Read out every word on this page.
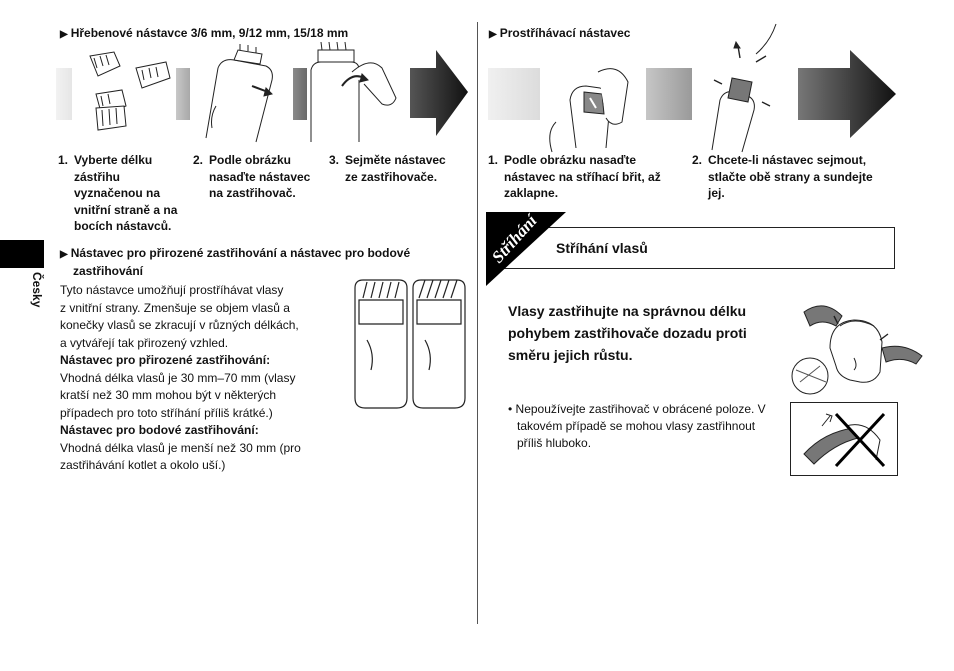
Česky
▶ Hřebenové nástavce 3/6 mm, 9/12 mm, 15/18 mm
1. Vyberte délku
zástřihu
vyznačenou na
vnitřní straně a na
bocích nástavců.
2. Podle obrázku
nasaďte nástavec
na zastřihovač.
3. Sejměte nástavec
ze zastřihovače.
▶ Nástavec pro přirozené zastřihování a nástavec pro bodové
zastřihování
Tyto nástavce umožňují prostříhávat vlasy
z vnitřní strany. Zmenšuje se objem vlasů a
konečky vlasů se zkracují v různých délkách,
a vytvářejí tak přirozený vzhled.
Nástavec pro přirozené zastřihování:
Vhodná délka vlasů je 30 mm–70 mm (vlasy
kratší než 30 mm mohou být v některých
případech pro toto stříhání příliš krátké.)
Nástavec pro bodové zastřihování:
Vhodná délka vlasů je menší než 30 mm (pro
zastřihávání kotlet a okolo uší.)
▶ Prostříhávací nástavec
1. Podle obrázku nasaďte
nástavec na stříhací břit, až
zaklapne.
2. Chcete-li nástavec sejmout,
stlačte obě strany a sundejte
jej.
Stříhání Stříhání vlasů
Vlasy zastřihujte na správnou délku
pohybem zastřihovače dozadu proti
směru jejich růstu.
• Nepoužívejte zastřihovač v obrácené poloze. V
takovém případě se mohou vlasy zastřihnout
příliš hluboko.
